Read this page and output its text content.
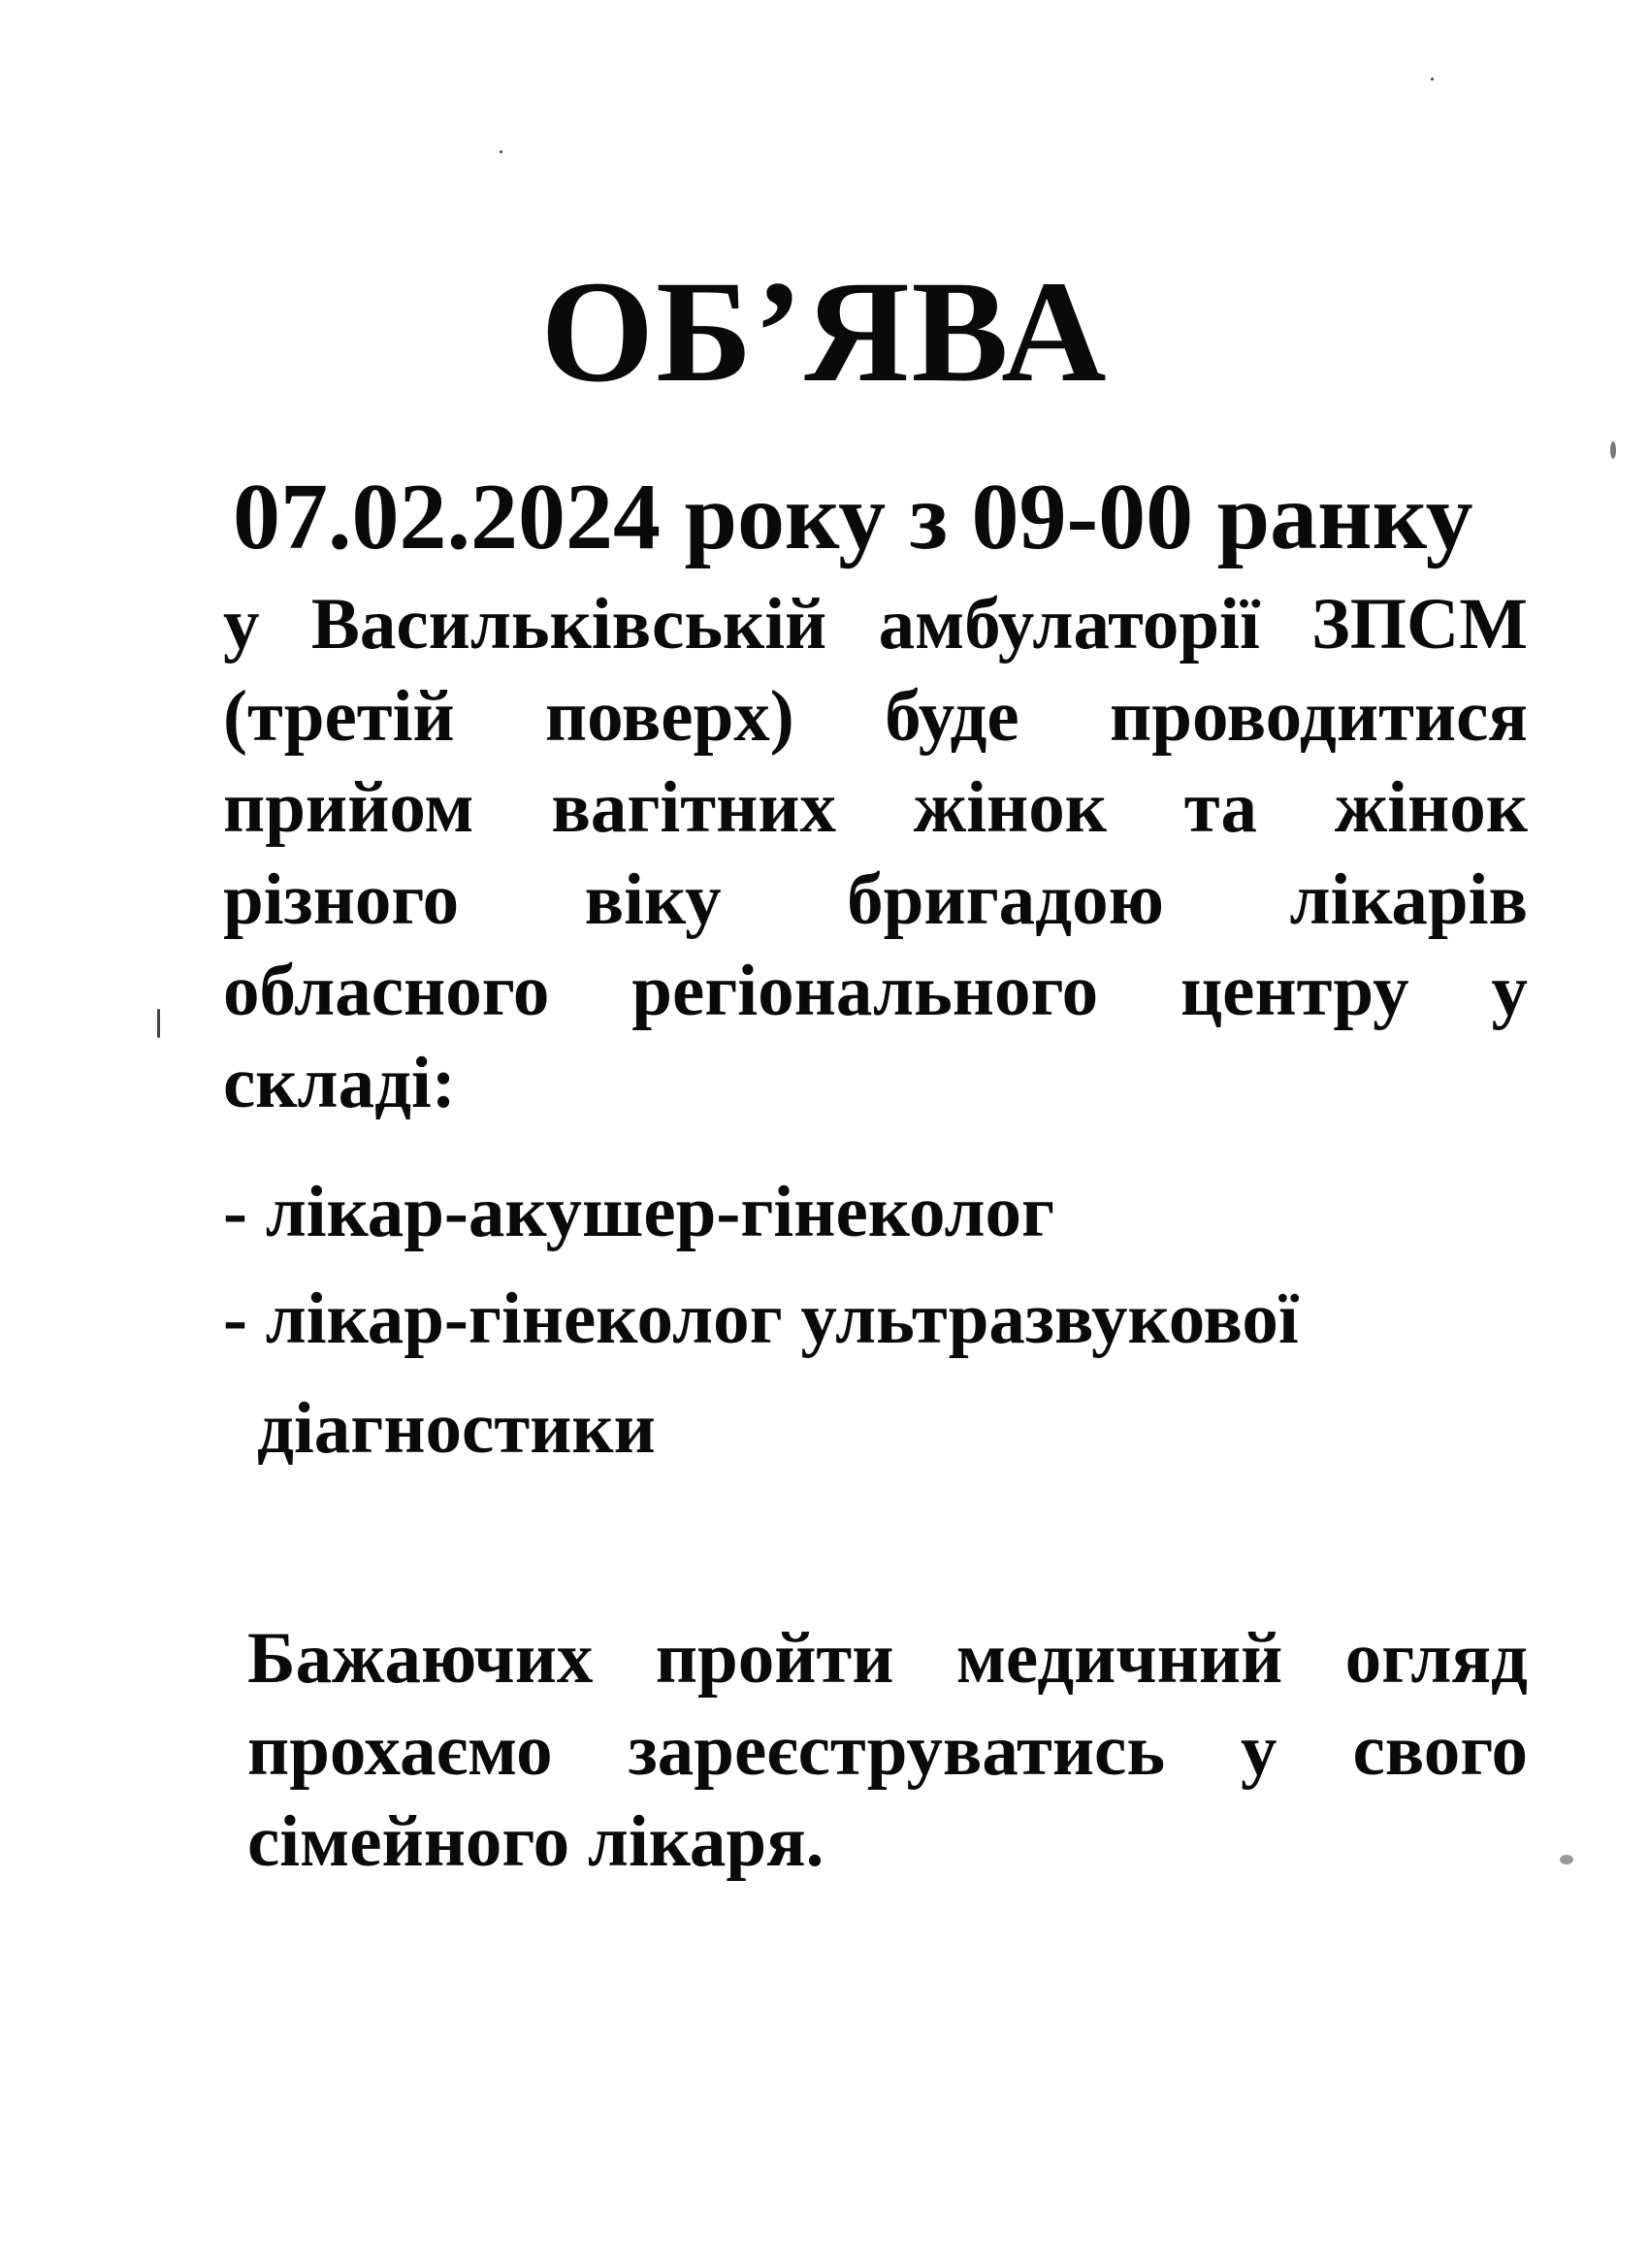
ОБ’ЯВА
07.02.2024 року з 09-00 ранку
у Васильківській амбулаторії ЗПСМ
(третій поверх) буде проводитися
прийом вагітних жінок та жінок
різного віку бригадою лікарів
обласного регіонального центру у
складі:
- лікар-акушер-гінеколог
- лікар-гінеколог ультразвукової
діагностики
Бажаючих пройти медичний огляд
прохаємо зареєструватись у свого
сімейного лікаря.
